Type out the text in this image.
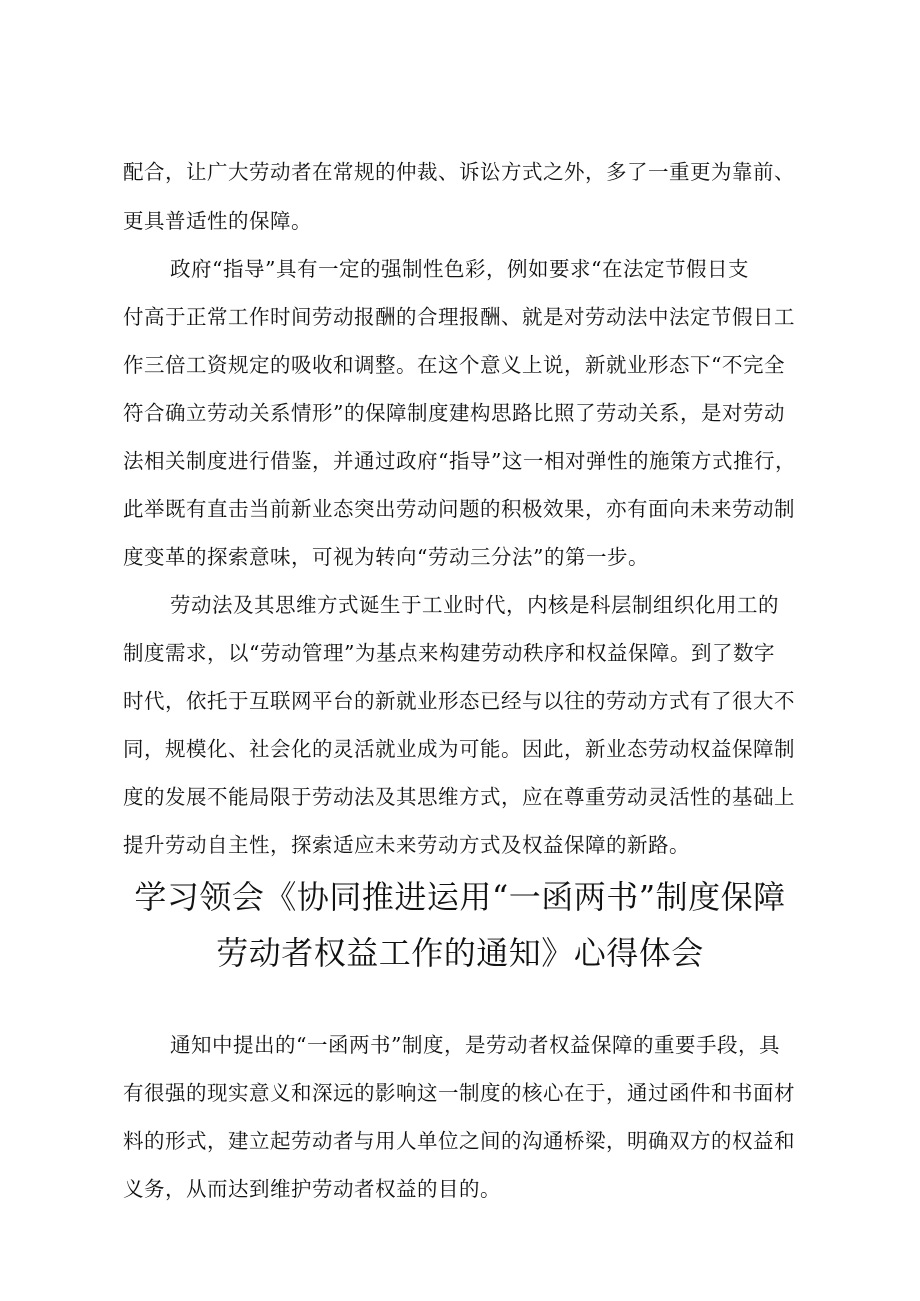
配合，让广大劳动者在常规的仲裁、诉讼方式之外，多了一重更为靠前、

更具普适性的保障。

政府“指导”具有一定的强制性色彩，例如要求“在法定节假日支

付高于正常工作时间劳动报酬的合理报酬、就是对劳动法中法定节假日工

作三倍工资规定的吸收和调整。在这个意义上说，新就业形态下“不完全

符合确立劳动关系情形”的保障制度建构思路比照了劳动关系，是对劳动

法相关制度进行借鉴，并通过政府“指导”这一相对弹性的施策方式推行，

此举既有直击当前新业态突出劳动问题的积极效果，亦有面向未来劳动制

度变革的探索意味，可视为转向“劳动三分法”的第一步。

劳动法及其思维方式诞生于工业时代，内核是科层制组织化用工的

制度需求，以“劳动管理”为基点来构建劳动秩序和权益保障。到了数字

时代，依托于互联网平台的新就业形态已经与以往的劳动方式有了很大不

同，规模化、社会化的灵活就业成为可能。因此，新业态劳动权益保障制

度的发展不能局限于劳动法及其思维方式，应在尊重劳动灵活性的基础上

提升劳动自主性，探索适应未来劳动方式及权益保障的新路。

学习领会《协同推进运用“一函两书”制度保障
劳动者权益工作的通知》心得体会

通知中提出的“一函两书”制度，是劳动者权益保障的重要手段，具

有很强的现实意义和深远的影响这一制度的核心在于，通过函件和书面材

料的形式，建立起劳动者与用人单位之间的沟通桥梁，明确双方的权益和

义务，从而达到维护劳动者权益的目的。
